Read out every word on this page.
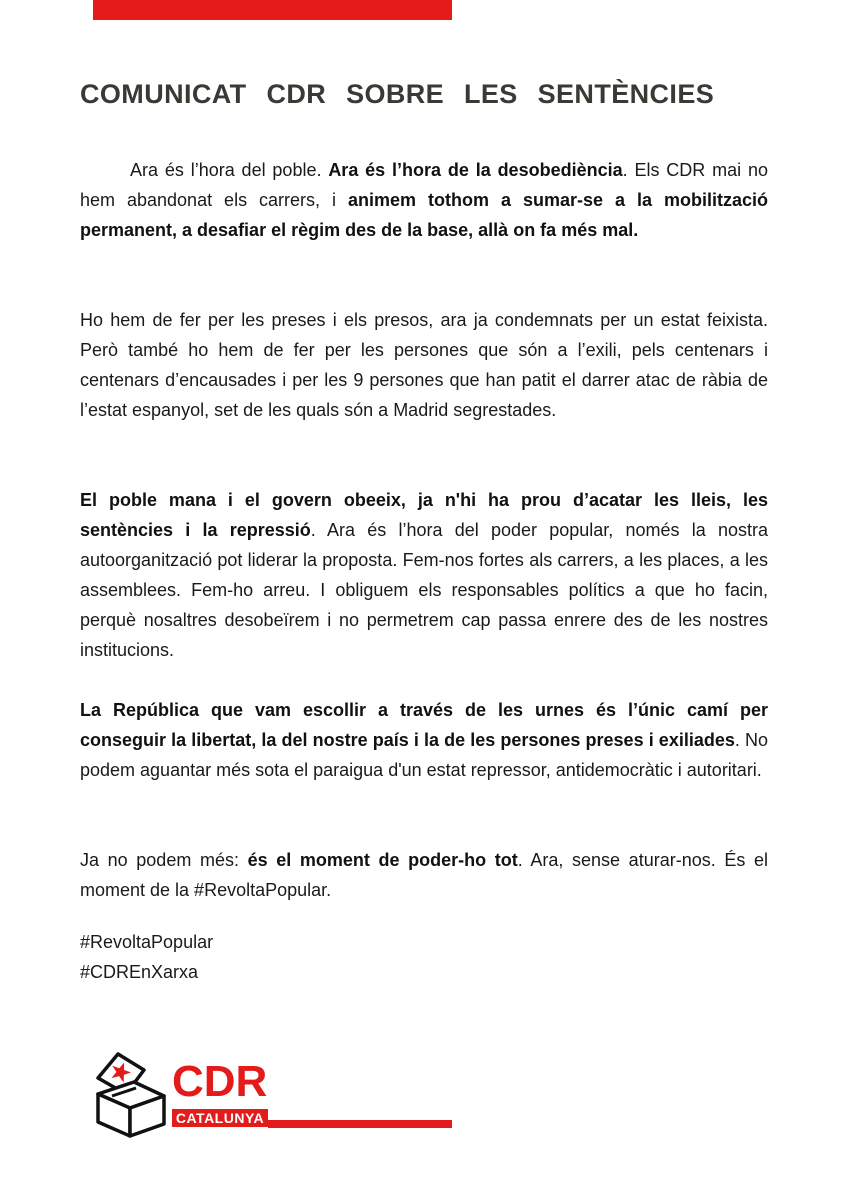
COMUNICAT CDR SOBRE LES SENTÈNCIES

Ara és l’hora del poble. Ara és l’hora de la desobediència. Els CDR mai no hem abandonat els carrers, i animem tothom a sumar-se a la mobilització permanent, a desafiar el règim des de la base, allà on fa més mal.

Ho hem de fer per les preses i els presos, ara ja condemnats per un estat feixista. Però també ho hem de fer per les persones que són a l’exili, pels centenars i centenars d’encausades i per les 9 persones que han patit el darrer atac de ràbia de l’estat espanyol, set de les quals són a Madrid segrestades.

El poble mana i el govern obeeix, ja n'hi ha prou d’acatar les lleis, les sentències i la repressió. Ara és l’hora del poder popular, només la nostra autoorganització pot liderar la proposta. Fem-nos fortes als carrers, a les places, a les assemblees. Fem-ho arreu. I obliguem els responsables polítics a que ho facin, perquè nosaltres desobeïrem i no permetrem cap passa enrere des de les nostres institucions.

La República que vam escollir a través de les urnes és l’únic camí per conseguir la libertat, la del nostre país i la de les persones preses i exiliades. No podem aguantar més sota el paraigua d'un estat repressor, antidemocràtic i autoritari.

Ja no podem més: és el moment de poder-ho tot. Ara, sense aturar-nos. És el moment de la #RevoltaPopular.

#RevoltaPopular
#CDREnXarxa
CDR
CATALUNYA
